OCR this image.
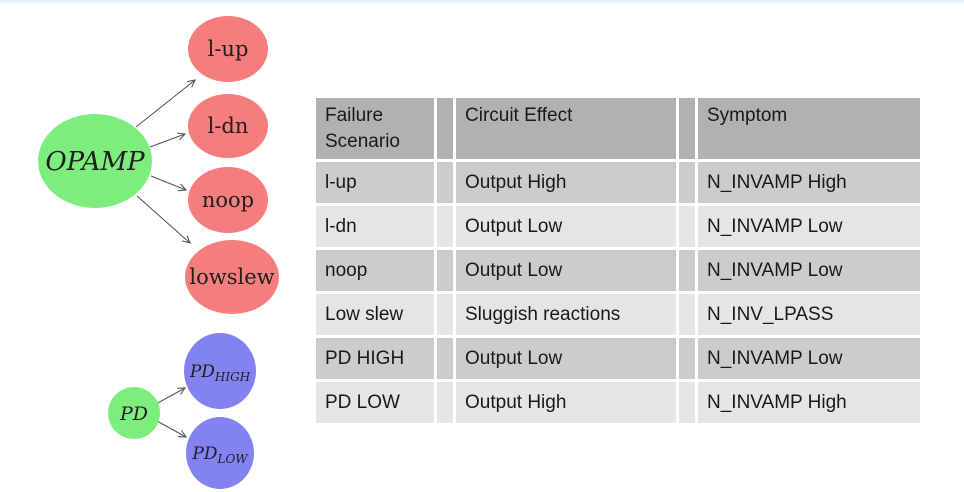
OPAMP
l-up
l-dn
noop
lowslew
PD
$PD_{HIGH}$
$PD_{LOW}$
Failure Scenario		Circuit Effect		Symptom
l-up		Output High		N_INVAMP High
l-dn		Output Low		N_INVAMP Low
noop		Output Low		N_INVAMP Low
Low slew		Sluggish reactions		N_INV_LPASS
PD HIGH		Output Low		N_INVAMP Low
PD LOW		Output High		N_INVAMP High
